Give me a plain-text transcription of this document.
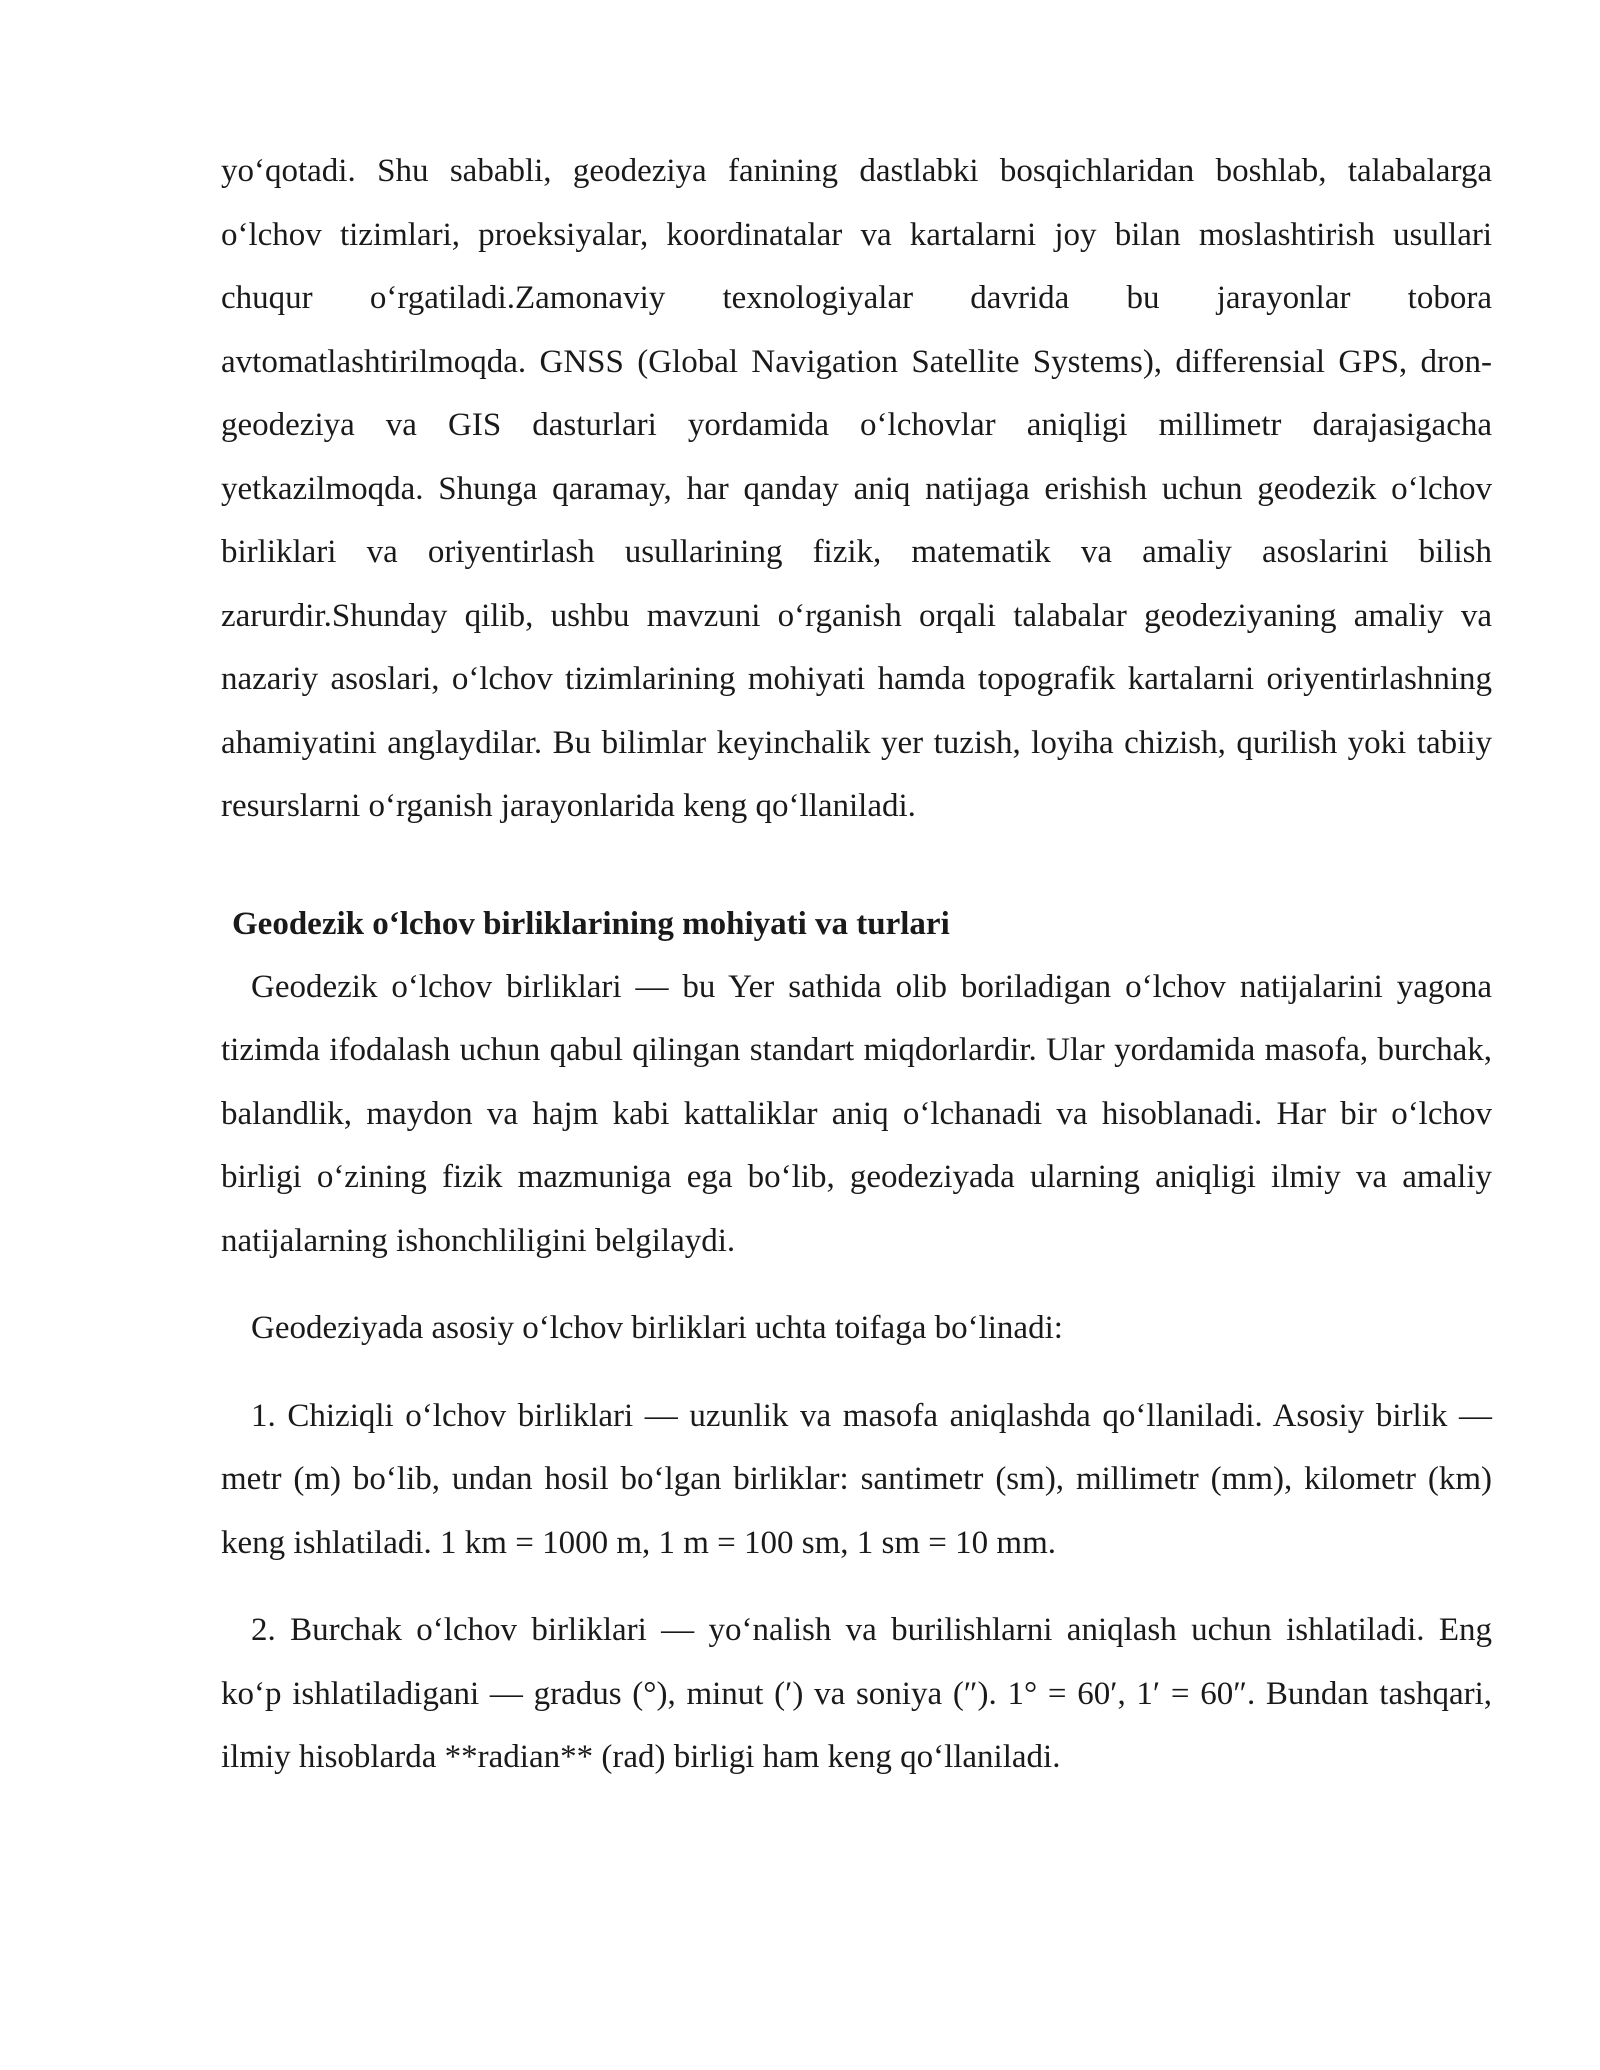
yo‘qotadi. Shu sababli, geodeziya fanining dastlabki bosqichlaridan boshlab, talabalarga o‘lchov tizimlari, proeksiyalar, koordinatalar va kartalarni joy bilan moslashtirish usullari chuqur o‘rgatiladi.Zamonaviy texnologiyalar davrida bu jarayonlar tobora avtomatlashtirilmoqda. GNSS (Global Navigation Satellite Systems), differensial GPS, dron-geodeziya va GIS dasturlari yordamida o‘lchovlar aniqligi millimetr darajasigacha yetkazilmoqda. Shunga qaramay, har qanday aniq natijaga erishish uchun geodezik o‘lchov birliklari va oriyentirlash usullarining fizik, matematik va amaliy asoslarini bilish zarurdir.Shunday qilib, ushbu mavzuni o‘rganish orqali talabalar geodeziyaning amaliy va nazariy asoslari, o‘lchov tizimlarining mohiyati hamda topografik kartalarni oriyentirlashning ahamiyatini anglaydilar. Bu bilimlar keyinchalik yer tuzish, loyiha chizish, qurilish yoki tabiiy resurslarni o‘rganish jarayonlarida keng qo‘llaniladi.

Geodezik o‘lchov birliklarining mohiyati va turlari

Geodezik o‘lchov birliklari — bu Yer sathida olib boriladigan o‘lchov natijalarini yagona tizimda ifodalash uchun qabul qilingan standart miqdorlardir. Ular yordamida masofa, burchak, balandlik, maydon va hajm kabi kattaliklar aniq o‘lchanadi va hisoblanadi. Har bir o‘lchov birligi o‘zining fizik mazmuniga ega bo‘lib, geodeziyada ularning aniqligi ilmiy va amaliy natijalarning ishonchliligini belgilaydi.

Geodeziyada asosiy o‘lchov birliklari uchta toifaga bo‘linadi:

1. Chiziqli o‘lchov birliklari — uzunlik va masofa aniqlashda qo‘llaniladi. Asosiy birlik — metr (m) bo‘lib, undan hosil bo‘lgan birliklar: santimetr (sm), millimetr (mm), kilometr (km) keng ishlatiladi. 1 km = 1000 m, 1 m = 100 sm, 1 sm = 10 mm.

2. Burchak o‘lchov birliklari — yo‘nalish va burilishlarni aniqlash uchun ishlatiladi. Eng ko‘p ishlatiladigani — gradus (°), minut (′) va soniya (″). 1° = 60′, 1′ = 60″. Bundan tashqari, ilmiy hisoblarda **radian** (rad) birligi ham keng qo‘llaniladi.
